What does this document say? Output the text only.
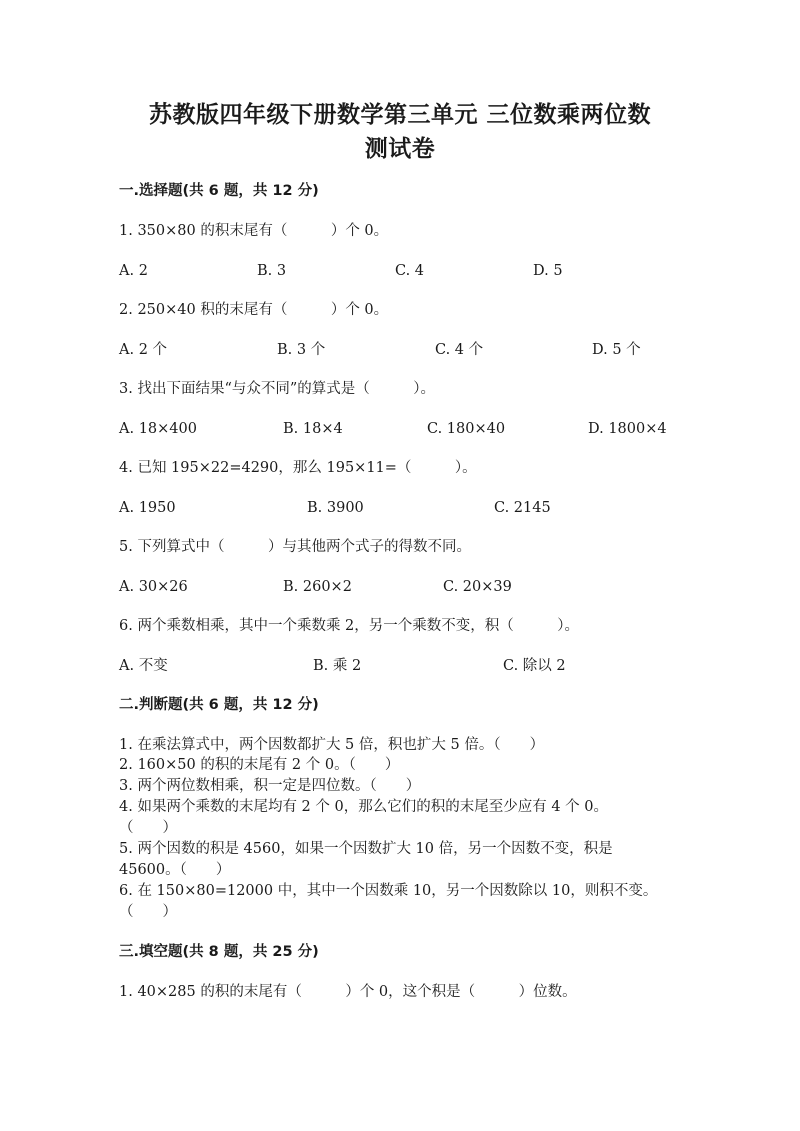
苏教版四年级下册数学第三单元 三位数乘两位数
测试卷
一.选择题(共 6 题，共 12 分)
1. 350×80 的积末尾有（　　　）个 0。
A. 2	B. 3	C. 4	D. 5
2. 250×40 积的末尾有（　　　）个 0。
A. 2 个	B. 3 个	C. 4 个	D. 5 个
3. 找出下面结果“与众不同”的算式是（　　　）。
A. 18×400	B. 18×4	C. 180×40	D. 1800×4
4. 已知 195×22=4290，那么 195×11=（　　　）。
A. 1950	B. 3900	C. 2145
5. 下列算式中（　　　）与其他两个式子的得数不同。
A. 30×26	B. 260×2	C. 20×39
6. 两个乘数相乘，其中一个乘数乘 2，另一个乘数不变，积（　　　）。
A. 不变	B. 乘 2	C. 除以 2
二.判断题(共 6 题，共 12 分)
1. 在乘法算式中，两个因数都扩大 5 倍，积也扩大 5 倍。（　　）
2. 160×50 的积的末尾有 2 个 0。（　　）
3. 两个两位数相乘，积一定是四位数。（　　）
4. 如果两个乘数的末尾均有 2 个 0，那么它们的积的末尾至少应有 4 个 0。
（　　）
5. 两个因数的积是 4560，如果一个因数扩大 10 倍，另一个因数不变，积是
45600。（　　）
6. 在 150×80=12000 中，其中一个因数乘 10，另一个因数除以 10，则积不变。
（　　）
三.填空题(共 8 题，共 25 分)
1. 40×285 的积的末尾有（　　　）个 0，这个积是（　　　）位数。
